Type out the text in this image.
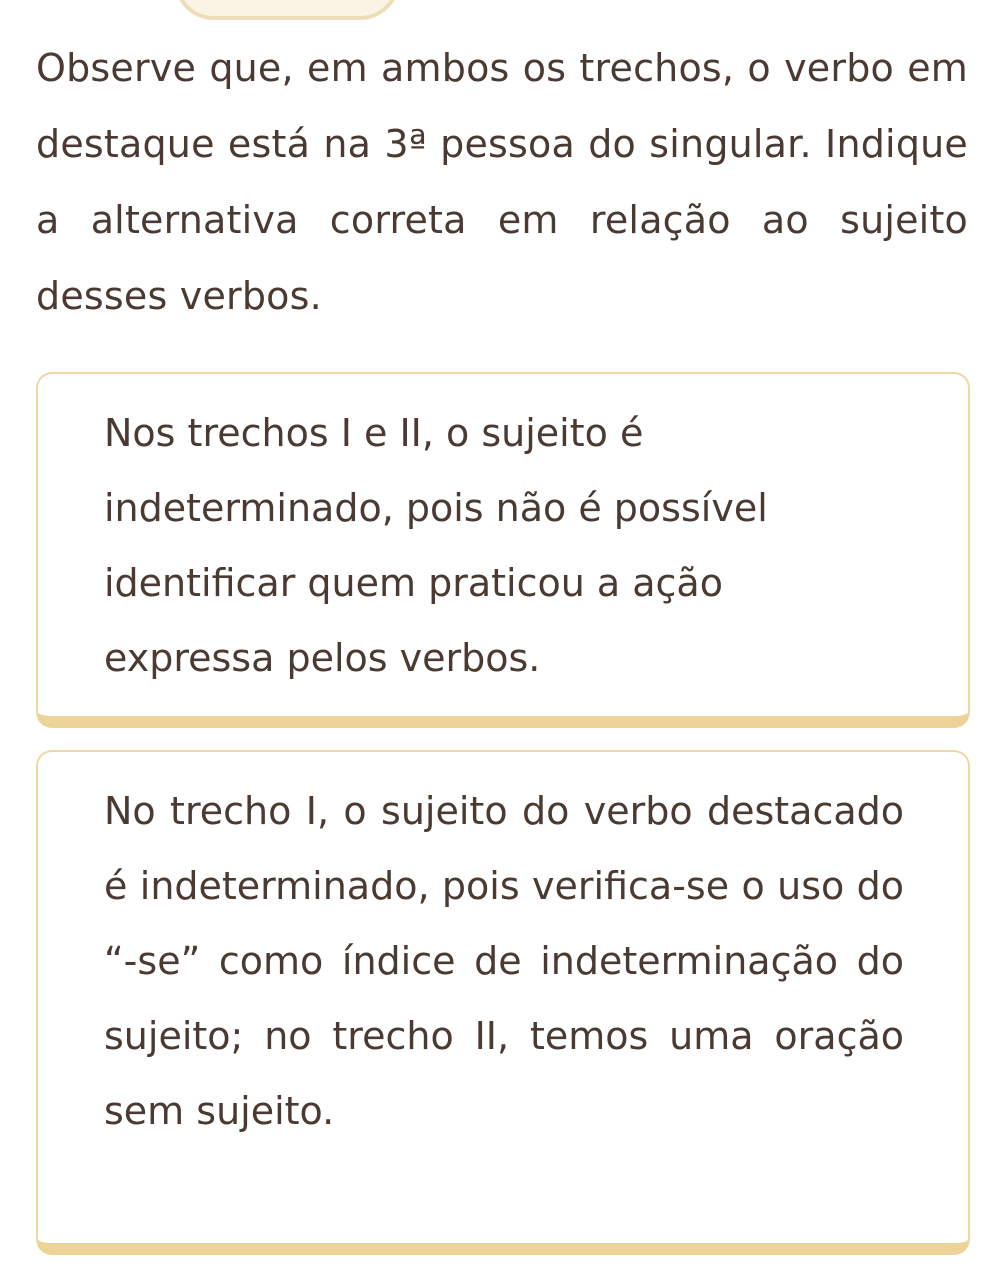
Observe que, em ambos os trechos, o verbo em destaque está na 3ª pessoa do singular. Indique a alternativa correta em relação ao sujeito desses verbos.

Nos trechos I e II, o sujeito é indeterminado, pois não é possível identificar quem praticou a ação expressa pelos verbos.

No trecho I, o sujeito do verbo destacado é indeterminado, pois verifica-se o uso do “-se” como índice de indeterminação do sujeito; no trecho II, temos uma oração sem sujeito.
